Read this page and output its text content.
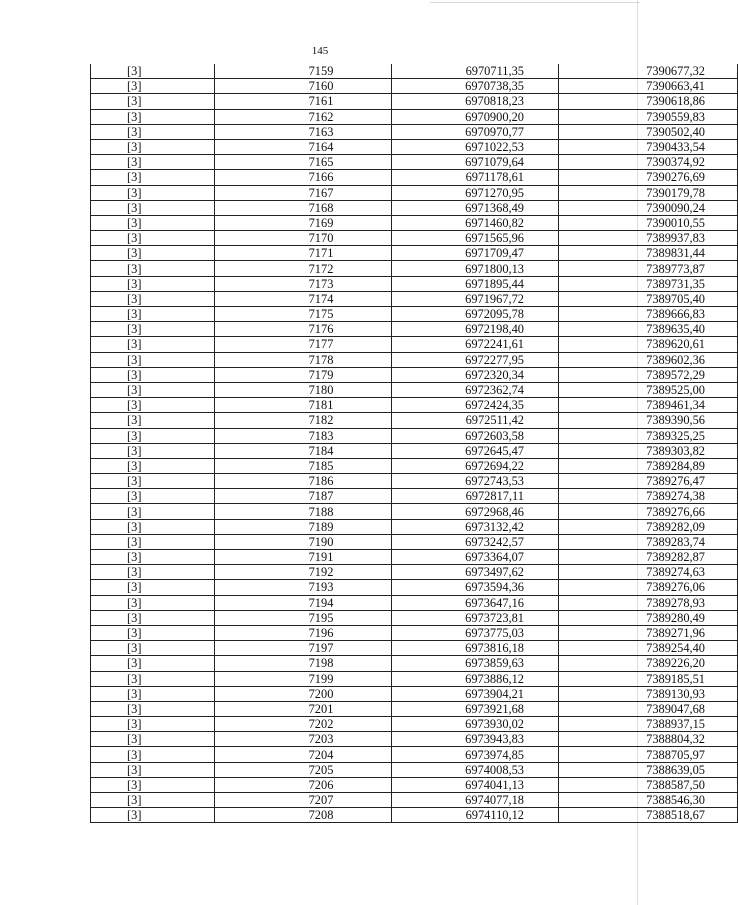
145
[3]	7159	6970711,35	7390677,32
[3]	7160	6970738,35	7390663,41
[3]	7161	6970818,23	7390618,86
[3]	7162	6970900,20	7390559,83
[3]	7163	6970970,77	7390502,40
[3]	7164	6971022,53	7390433,54
[3]	7165	6971079,64	7390374,92
[3]	7166	6971178,61	7390276,69
[3]	7167	6971270,95	7390179,78
[3]	7168	6971368,49	7390090,24
[3]	7169	6971460,82	7390010,55
[3]	7170	6971565,96	7389937,83
[3]	7171	6971709,47	7389831,44
[3]	7172	6971800,13	7389773,87
[3]	7173	6971895,44	7389731,35
[3]	7174	6971967,72	7389705,40
[3]	7175	6972095,78	7389666,83
[3]	7176	6972198,40	7389635,40
[3]	7177	6972241,61	7389620,61
[3]	7178	6972277,95	7389602,36
[3]	7179	6972320,34	7389572,29
[3]	7180	6972362,74	7389525,00
[3]	7181	6972424,35	7389461,34
[3]	7182	6972511,42	7389390,56
[3]	7183	6972603,58	7389325,25
[3]	7184	6972645,47	7389303,82
[3]	7185	6972694,22	7389284,89
[3]	7186	6972743,53	7389276,47
[3]	7187	6972817,11	7389274,38
[3]	7188	6972968,46	7389276,66
[3]	7189	6973132,42	7389282,09
[3]	7190	6973242,57	7389283,74
[3]	7191	6973364,07	7389282,87
[3]	7192	6973497,62	7389274,63
[3]	7193	6973594,36	7389276,06
[3]	7194	6973647,16	7389278,93
[3]	7195	6973723,81	7389280,49
[3]	7196	6973775,03	7389271,96
[3]	7197	6973816,18	7389254,40
[3]	7198	6973859,63	7389226,20
[3]	7199	6973886,12	7389185,51
[3]	7200	6973904,21	7389130,93
[3]	7201	6973921,68	7389047,68
[3]	7202	6973930,02	7388937,15
[3]	7203	6973943,83	7388804,32
[3]	7204	6973974,85	7388705,97
[3]	7205	6974008,53	7388639,05
[3]	7206	6974041,13	7388587,50
[3]	7207	6974077,18	7388546,30
[3]	7208	6974110,12	7388518,67
